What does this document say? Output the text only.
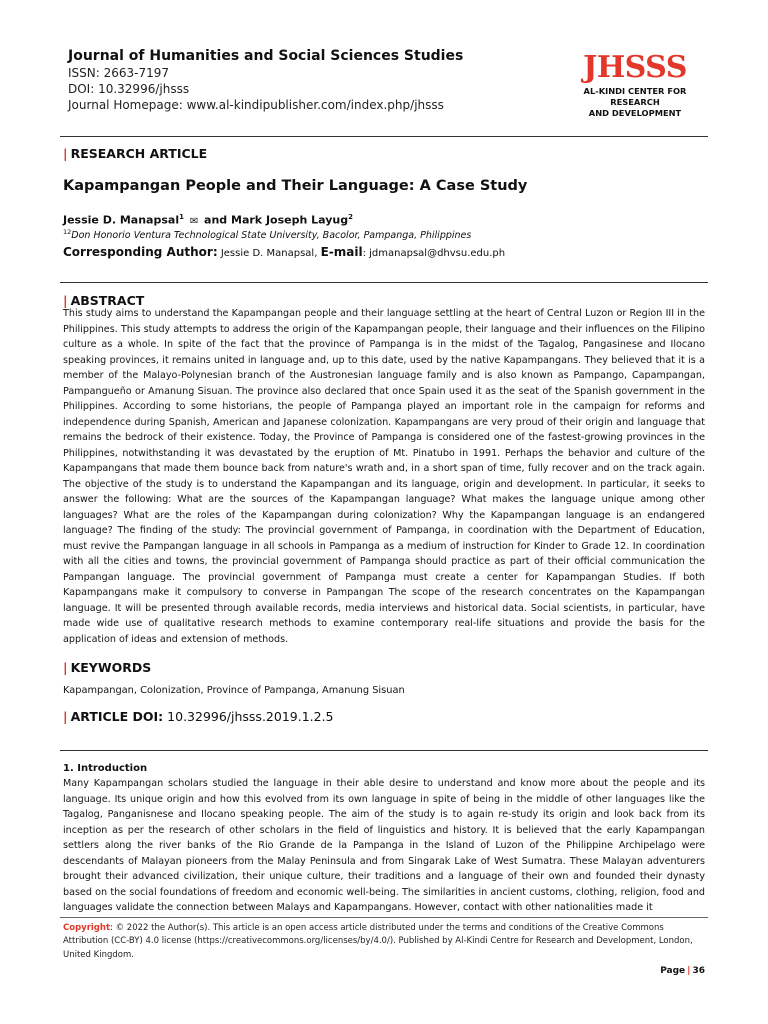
Journal of Humanities and Social Sciences Studies
ISSN: 2663-7197
DOI: 10.32996/jhsss
Journal Homepage: www.al-kindipublisher.com/index.php/jhsss
JHSSS
AL-KINDI CENTER FOR RESEARCH
AND DEVELOPMENT
| RESEARCH ARTICLE
Kapampangan People and Their Language: A Case Study
Jessie D. Manapsal$^1$ ✉ and Mark Joseph Layug$^2$
$^{12}$Don Honorio Ventura Technological State University, Bacolor, Pampanga, Philippines
Corresponding Author: Jessie D. Manapsal, E-mail: jdmanapsal@dhvsu.edu.ph
| ABSTRACT
This study aims to understand the Kapampangan people and their language settling at the heart of Central Luzon or Region III in the Philippines. This study attempts to address the origin of the Kapampangan people, their language and their influences on the Filipino culture as a whole. In spite of the fact that the province of Pampanga is in the midst of the Tagalog, Pangasinese and Ilocano speaking provinces, it remains united in language and, up to this date, used by the native Kapampangans. They believed that it is a member of the Malayo-Polynesian branch of the Austronesian language family and is also known as Pampango, Capampangan, Pampangueño or Amanung Sisuan. The province also declared that once Spain used it as the seat of the Spanish government in the Philippines. According to some historians, the people of Pampanga played an important role in the campaign for reforms and independence during Spanish, American and Japanese colonization. Kapampangans are very proud of their origin and language that remains the bedrock of their existence. Today, the Province of Pampanga is considered one of the fastest-growing provinces in the Philippines, notwithstanding it was devastated by the eruption of Mt. Pinatubo in 1991. Perhaps the behavior and culture of the Kapampangans that made them bounce back from nature's wrath and, in a short span of time, fully recover and on the track again. The objective of the study is to understand the Kapampangan and its language, origin and development. In particular, it seeks to answer the following: What are the sources of the Kapampangan language? What makes the language unique among other languages? What are the roles of the Kapampangan during colonization? Why the Kapampangan language is an endangered language? The finding of the study: The provincial government of Pampanga, in coordination with the Department of Education, must revive the Pampangan language in all schools in Pampanga as a medium of instruction for Kinder to Grade 12. In coordination with all the cities and towns, the provincial government of Pampanga should practice as part of their official communication the Pampangan language. The provincial government of Pampanga must create a center for Kapampangan Studies. If both Kapampangans make it compulsory to converse in Pampangan The scope of the research concentrates on the Kapampangan language. It will be presented through available records, media interviews and historical data. Social scientists, in particular, have made wide use of qualitative research methods to examine contemporary real-life situations and provide the basis for the application of ideas and extension of methods.
| KEYWORDS
Kapampangan, Colonization, Province of Pampanga, Amanung Sisuan
| ARTICLE DOI: 10.32996/jhsss.2019.1.2.5
1. Introduction
Many Kapampangan scholars studied the language in their able desire to understand and know more about the people and its language. Its unique origin and how this evolved from its own language in spite of being in the middle of other languages like the Tagalog, Panganisnese and Ilocano speaking people. The aim of the study is to again re-study its origin and look back from its inception as per the research of other scholars in the field of linguistics and history. It is believed that the early Kapampangan settlers along the river banks of the Rio Grande de la Pampanga in the Island of Luzon of the Philippine Archipelago were descendants of Malayan pioneers from the Malay Peninsula and from Singarak Lake of West Sumatra. These Malayan adventurers brought their advanced civilization, their unique culture, their traditions and a language of their own and founded their dynasty based on the social foundations of freedom and economic well-being. The similarities in ancient customs, clothing, religion, food and languages validate the connection between Malays and Kapampangans. However, contact with other nationalities made it
Copyright: © 2022 the Author(s). This article is an open access article distributed under the terms and conditions of the Creative Commons Attribution (CC-BY) 4.0 license (https://creativecommons.org/licenses/by/4.0/). Published by Al-Kindi Centre for Research and Development, London, United Kingdom.
Page | 36
